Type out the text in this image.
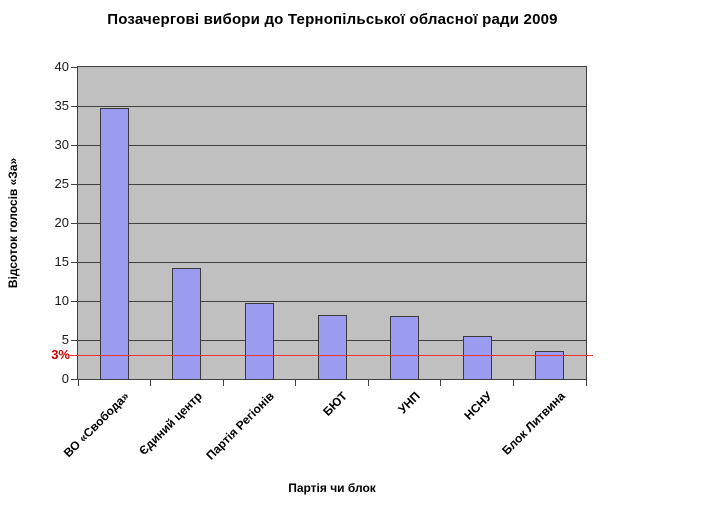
Позачергові вибори до Тернопільської обласної ради 2009
Відсоток голосів «За»
0
5
10
15
20
25
30
35
40
3%
ВО «Свобода» Єдиний центр Партія Регіонів	БЮТ	УНП	НСНУ Блок Литвина
Партія чи блок
